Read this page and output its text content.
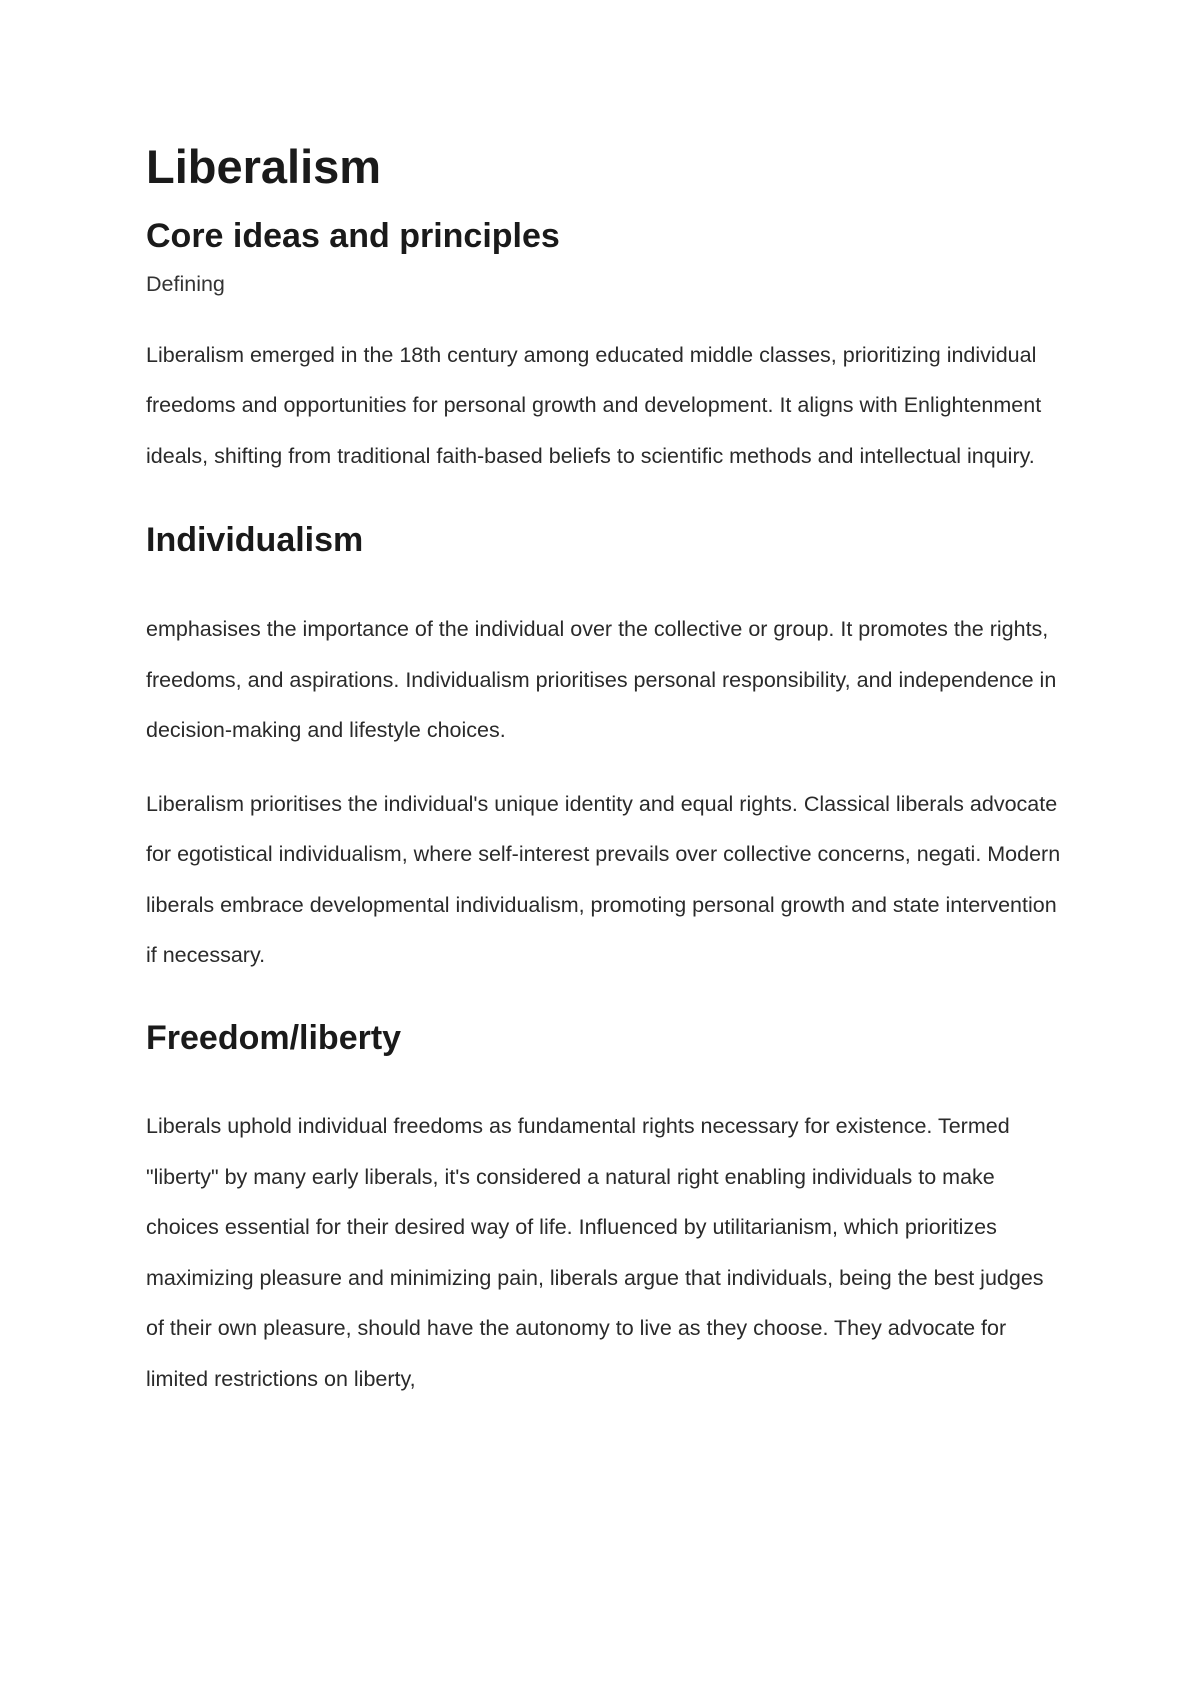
Liberalism
Core ideas and principles
Defining

Liberalism emerged in the 18th century among educated middle classes, prioritizing individual freedoms and opportunities for personal growth and development. It aligns with Enlightenment ideals, shifting from traditional faith-based beliefs to scientific methods and intellectual inquiry.

Individualism

emphasises the importance of the individual over the collective or group. It promotes the rights, freedoms, and aspirations. Individualism prioritises personal responsibility, and independence in decision-making and lifestyle choices.

Liberalism prioritises the individual's unique identity and equal rights. Classical liberals advocate for egotistical individualism, where self-interest prevails over collective concerns, negati. Modern liberals embrace developmental individualism, promoting personal growth and state intervention if necessary.

Freedom/liberty

Liberals uphold individual freedoms as fundamental rights necessary for existence. Termed "liberty" by many early liberals, it's considered a natural right enabling individuals to make choices essential for their desired way of life. Influenced by utilitarianism, which prioritizes maximizing pleasure and minimizing pain, liberals argue that individuals, being the best judges of their own pleasure, should have the autonomy to live as they choose. They advocate for limited restrictions on liberty,
